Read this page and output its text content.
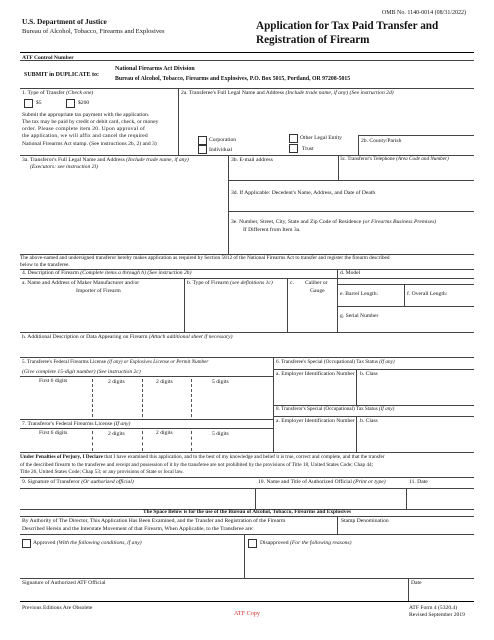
OMB No. 1140-0014 (08/31/2022)
U.S. Department of Justice
Bureau of Alcohol, Tobacco, Firearms and Explosives	Application for Tax Paid Transfer and
Registration of Firearm
ATF Control Number
SUBMIT in DUPLICATE to:
National Firearms Act Division
Bureau of Alcohol, Tobacco, Firearms and Explosives, P.O. Box 5015, Portland, OR 97208-5015
1. Type of Transfer (Check one)
$5	$200
Submit the appropriate tax payment with the application.
The tax may be paid by credit or debit card, check, or money
order. Please complete item 20. Upon approval of
the application, we will affix and cancel the required
National Firearms Act stamp. (See instructions 2b, 2) and 3)
2a. Transferee's Full Legal Name and Address (Include trade name, if any) (See instruction 2d)
Corporation
Individual
Other Legal Entity
Trust
2b. County/Parish
3a. Transferor's Full Legal Name and Address (Include trade name, if any)
(Executors: see instruction 2l)
3b. E-mail address	3c. Transferor's Telephone (Area Code and Number)
3d. If Applicable: Decedent's Name, Address, and Date of Death
3e. Number, Street, City, State and Zip Code of Residence (or Firearms Business Premises)
If Different from Item 3a.
The above-named and undersigned transferor hereby makes application as required by Section 5812 of the National Firearms Act to transfer and register the firearm described
below to the transferee.
4. Description of Firearm (Complete items a through h) (See instruction 2h)
a. Name and Address of Maker Manufacturer and/or
Importer of Firearm
b. Type of Firearm (see definitions 1c)	c. Caliber or
Gauge
d. Model
e. Barrel Length:	f. Overall Length:
g. Serial Number
h. Additional Description or Data Appearing on Firearm (Attach additional sheet if necessary)
5. Transferee's Federal Firearms License (if any) or Explosives License or Permit Number
(Give complete 15-digit number) (See instruction 2c)
First 6 digits	2 digits	2 digits	5 digits
6. Transferee's Special (Occupational) Tax Status (If any)
a. Employer Identification Number b. Class
7. Transferor's Federal Firearms License (If any)
First 6 digits	2 digits	2 digits	5 digits
8. Transferor's Special (Occupational) Tax Status (If any)
a. Employer Identification Number b. Class
Under Penalties of Perjury, I Declare that I have examined this application, and to the best of my knowledge and belief it is true, correct and complete, and that the transfer
of the described firearm to the transferee and receipt and possession of it by the transferee are not prohibited by the provisions of Title 18, United States Code; Chap 44;
Title 26, United States Code; Chap 53; or any provisions of State or local law.
9. Signature of Transferor (Or authorized official)	10. Name and Title of Authorized Official (Print or type)	11. Date
The Space Below is for the use of the Bureau of Alcohol, Tobacco, Firearms and Explosives
By Authority of The Director, This Application Has Been Examined, and the Transfer and Registration of the Firearm
Described Herein and the Interstate Movement of that Firearm, When Applicable, to the Transferee are:
Stamp Denomination
Approved (With the following conditions, if any)	Disapproved (For the following reasons)
Signature of Authorized ATF Official	Date
Previous Editions Are Obsolete
ATF Copy
ATF Form 4 (5320.4)
Revised September 2019
